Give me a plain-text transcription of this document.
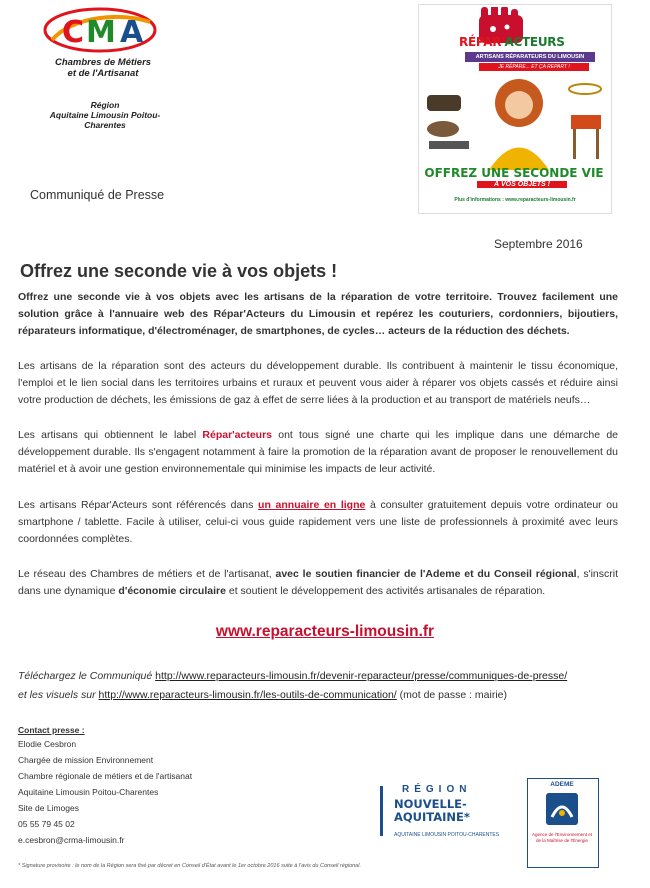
C M A
Chambres de Métiers
et de l'Artisanat
Région
Aquitaine Limousin Poitou-Charentes
RÉPAR'ACTEURS
ARTISANS RÉPARATEURS DU LIMOUSIN
JE RÉPARE... ET ÇA REPART !
OFFREZ UNE SECONDE VIE
À VOS OBJETS !
Plus d'informations : www.reparacteurs-limousin.fr
Communiqué de Presse
Septembre 2016
Offrez une seconde vie à vos objets !
Offrez une seconde vie à vos objets avec les artisans de la réparation de votre territoire. Trouvez facilement une solution grâce à l'annuaire web des Répar'Acteurs du Limousin et repérez les couturiers, cordonniers, bijoutiers, réparateurs informatique, d'électroménager, de smartphones, de cycles… acteurs de la réduction des déchets.
Les artisans de la réparation sont des acteurs du développement durable. Ils contribuent à maintenir le tissu économique, l'emploi et le lien social dans les territoires urbains et ruraux et peuvent vous aider à réparer vos objets cassés et réduire ainsi votre production de déchets, les émissions de gaz à effet de serre liées à la production et au transport de matériels neufs…
Les artisans qui obtiennent le label Répar'acteurs ont tous signé une charte qui les implique dans une démarche de développement durable. Ils s'engagent notamment à faire la promotion de la réparation avant de proposer le renouvellement du matériel et à avoir une gestion environnementale qui minimise les impacts de leur activité.
Les artisans Répar'Acteurs sont référencés dans un annuaire en ligne à consulter gratuitement depuis votre ordinateur ou smartphone / tablette. Facile à utiliser, celui-ci vous guide rapidement vers une liste de professionnels à proximité avec leurs coordonnées complètes.
Le réseau des Chambres de métiers et de l'artisanat, avec le soutien financier de l'Ademe et du Conseil régional, s'inscrit dans une dynamique d'économie circulaire et soutient le développement des activités artisanales de réparation.
www.reparacteurs-limousin.fr
Téléchargez le Communiqué http://www.reparacteurs-limousin.fr/devenir-reparacteur/presse/communiques-de-presse/
et les visuels sur http://www.reparacteurs-limousin.fr/les-outils-de-communication/ (mot de passe : mairie)
Contact presse :
Elodie Cesbron
Chargée de mission Environnement
Chambre régionale de métiers et de l'artisanat
Aquitaine Limousin Poitou-Charentes
Site de Limoges
05 55 79 45 02
e.cesbron@crma-limousin.fr
RÉGION
NOUVELLE-
AQUITAINE*
AQUITAINE LIMOUSIN POITOU-CHARENTES
ADEME
Agence de l'Environnement et de la Maîtrise de l'Énergie
* Signature provisoire : le nom de la Région sera fixé par décret en Conseil d'État avant le 1er octobre 2016 suite à l'avis du Conseil régional.
